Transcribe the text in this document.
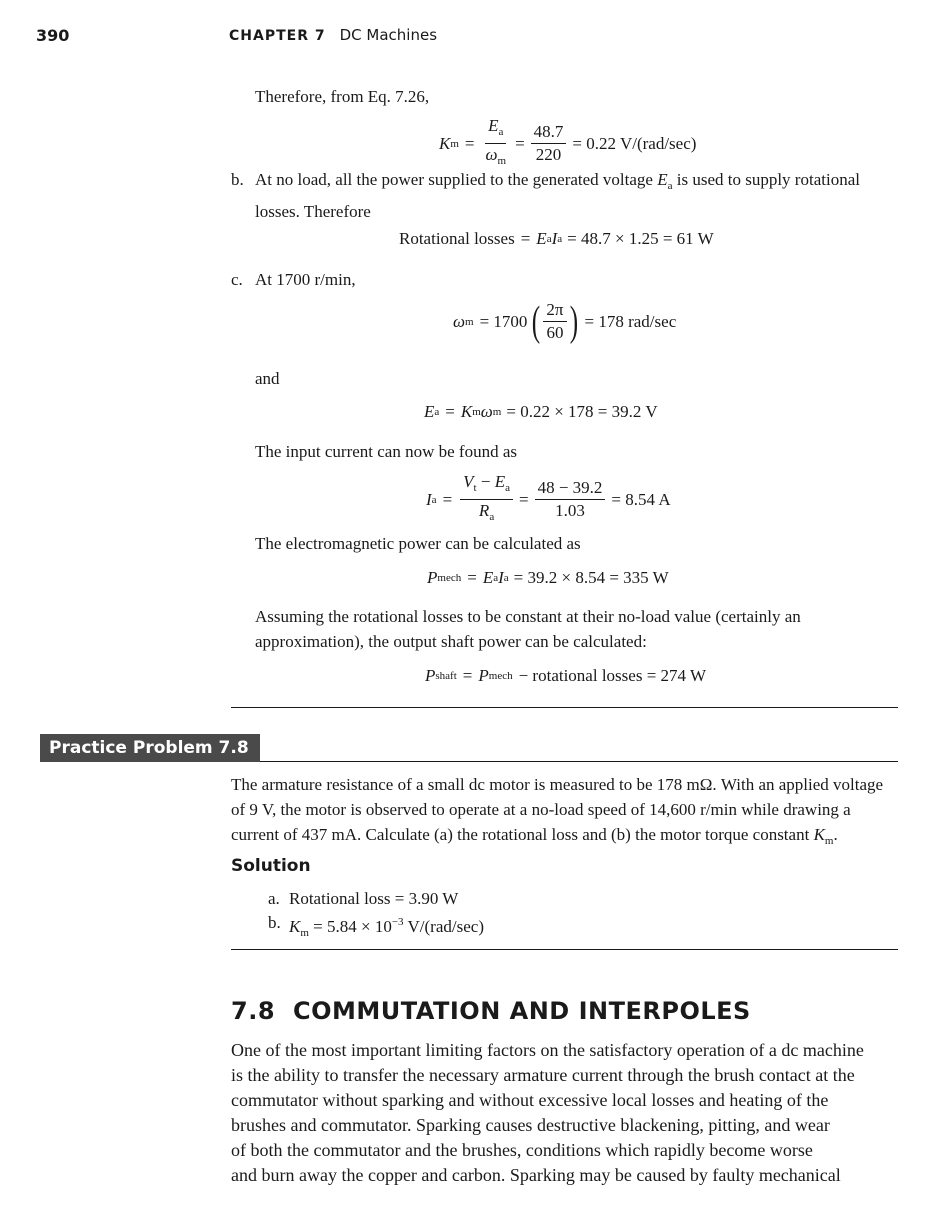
390	CHAPTER 7 DC Machines
Therefore, from Eq. 7.26,
K $m = \frac{E_a}{\omega_m} = \frac{48.7}{220} = 0.22$ V/(rad/sec)
b. At no load, all the power supplied to the generated voltage $E_a$ is used to supply rotational
losses. Therefore
Rotational losses = E a I a = 48.7 × 1.25 = 61 W
c. At 1700 r/min,
ω m = 1700 ( $\frac{2\pi}{60}$ ) = 178 rad/sec
and
E a = K m ω m = 0.22 × 178 = 39.2 V
The input current can now be found as
I $a = \frac{V_t - E_a}{R_a} = \frac{48 - 39.2}{1.03} = 8.54$ A
The electromagnetic power can be calculated as
P mech = E a I a = 39.2 × 8.54 = 335 W
Assuming the rotational losses to be constant at their no-load value (certainly an
approximation), the output shaft power can be calculated:
P shaft = P mech − rotational losses = 274 W
Practice Problem 7.8
The armature resistance of a small dc motor is measured to be 178 mΩ. With an applied voltage
of 9 V, the motor is observed to operate at a no-load speed of 14,600 r/min while drawing a
current of 437 mA. Calculate (a) the rotational loss and (b) the motor torque constant $K_m$.
Solution
a. Rotational loss = 3.90 W
b. $K_m = 5.84 \times 10^{-3}$ V/(rad/sec)
7.8 COMMUTATION AND INTERPOLES
One of the most important limiting factors on the satisfactory operation of a dc machine
is the ability to transfer the necessary armature current through the brush contact at the
commutator without sparking and without excessive local losses and heating of the
brushes and commutator. Sparking causes destructive blackening, pitting, and wear
of both the commutator and the brushes, conditions which rapidly become worse
and burn away the copper and carbon. Sparking may be caused by faulty mechanical
